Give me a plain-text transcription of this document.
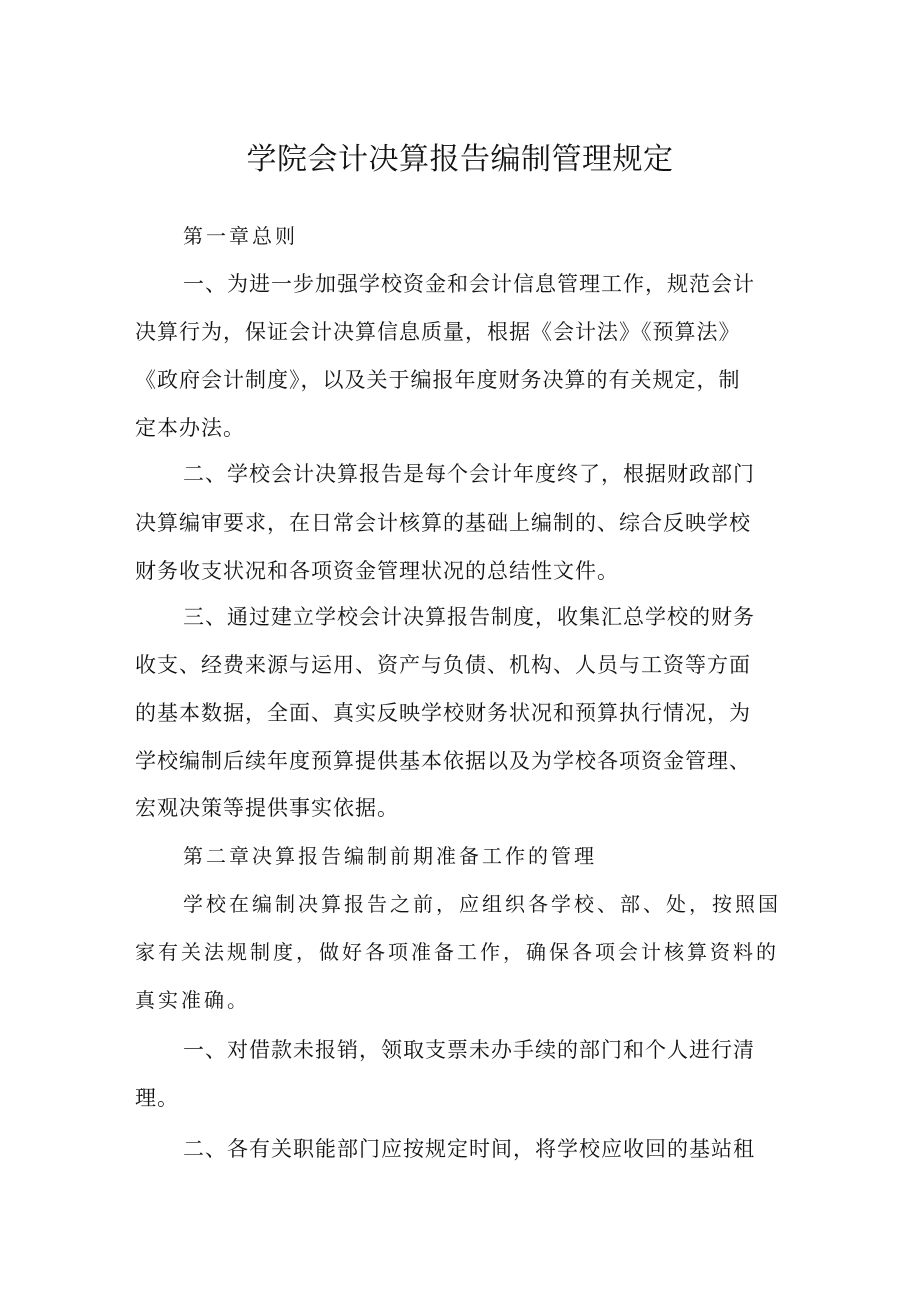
学院会计决算报告编制管理规定

第一章总则

一、为进一步加强学校资金和会计信息管理工作，规范会计

决算行为，保证会计决算信息质量，根据《会计法》《预算法》

《政府会计制度》，以及关于编报年度财务决算的有关规定，制

定本办法。

二、学校会计决算报告是每个会计年度终了，根据财政部门

决算编审要求，在日常会计核算的基础上编制的、综合反映学校

财务收支状况和各项资金管理状况的总结性文件。

三、通过建立学校会计决算报告制度，收集汇总学校的财务

收支、经费来源与运用、资产与负债、机构、人员与工资等方面

的基本数据，全面、真实反映学校财务状况和预算执行情况，为

学校编制后续年度预算提供基本依据以及为学校各项资金管理、

宏观决策等提供事实依据。

第二章决算报告编制前期准备工作的管理

学校在编制决算报告之前，应组织各学校、部、处，按照国

家有关法规制度，做好各项准备工作，确保各项会计核算资料的

真实准确。

一、对借款未报销，领取支票未办手续的部门和个人进行清

理。

二、各有关职能部门应按规定时间，将学校应收回的基站租
